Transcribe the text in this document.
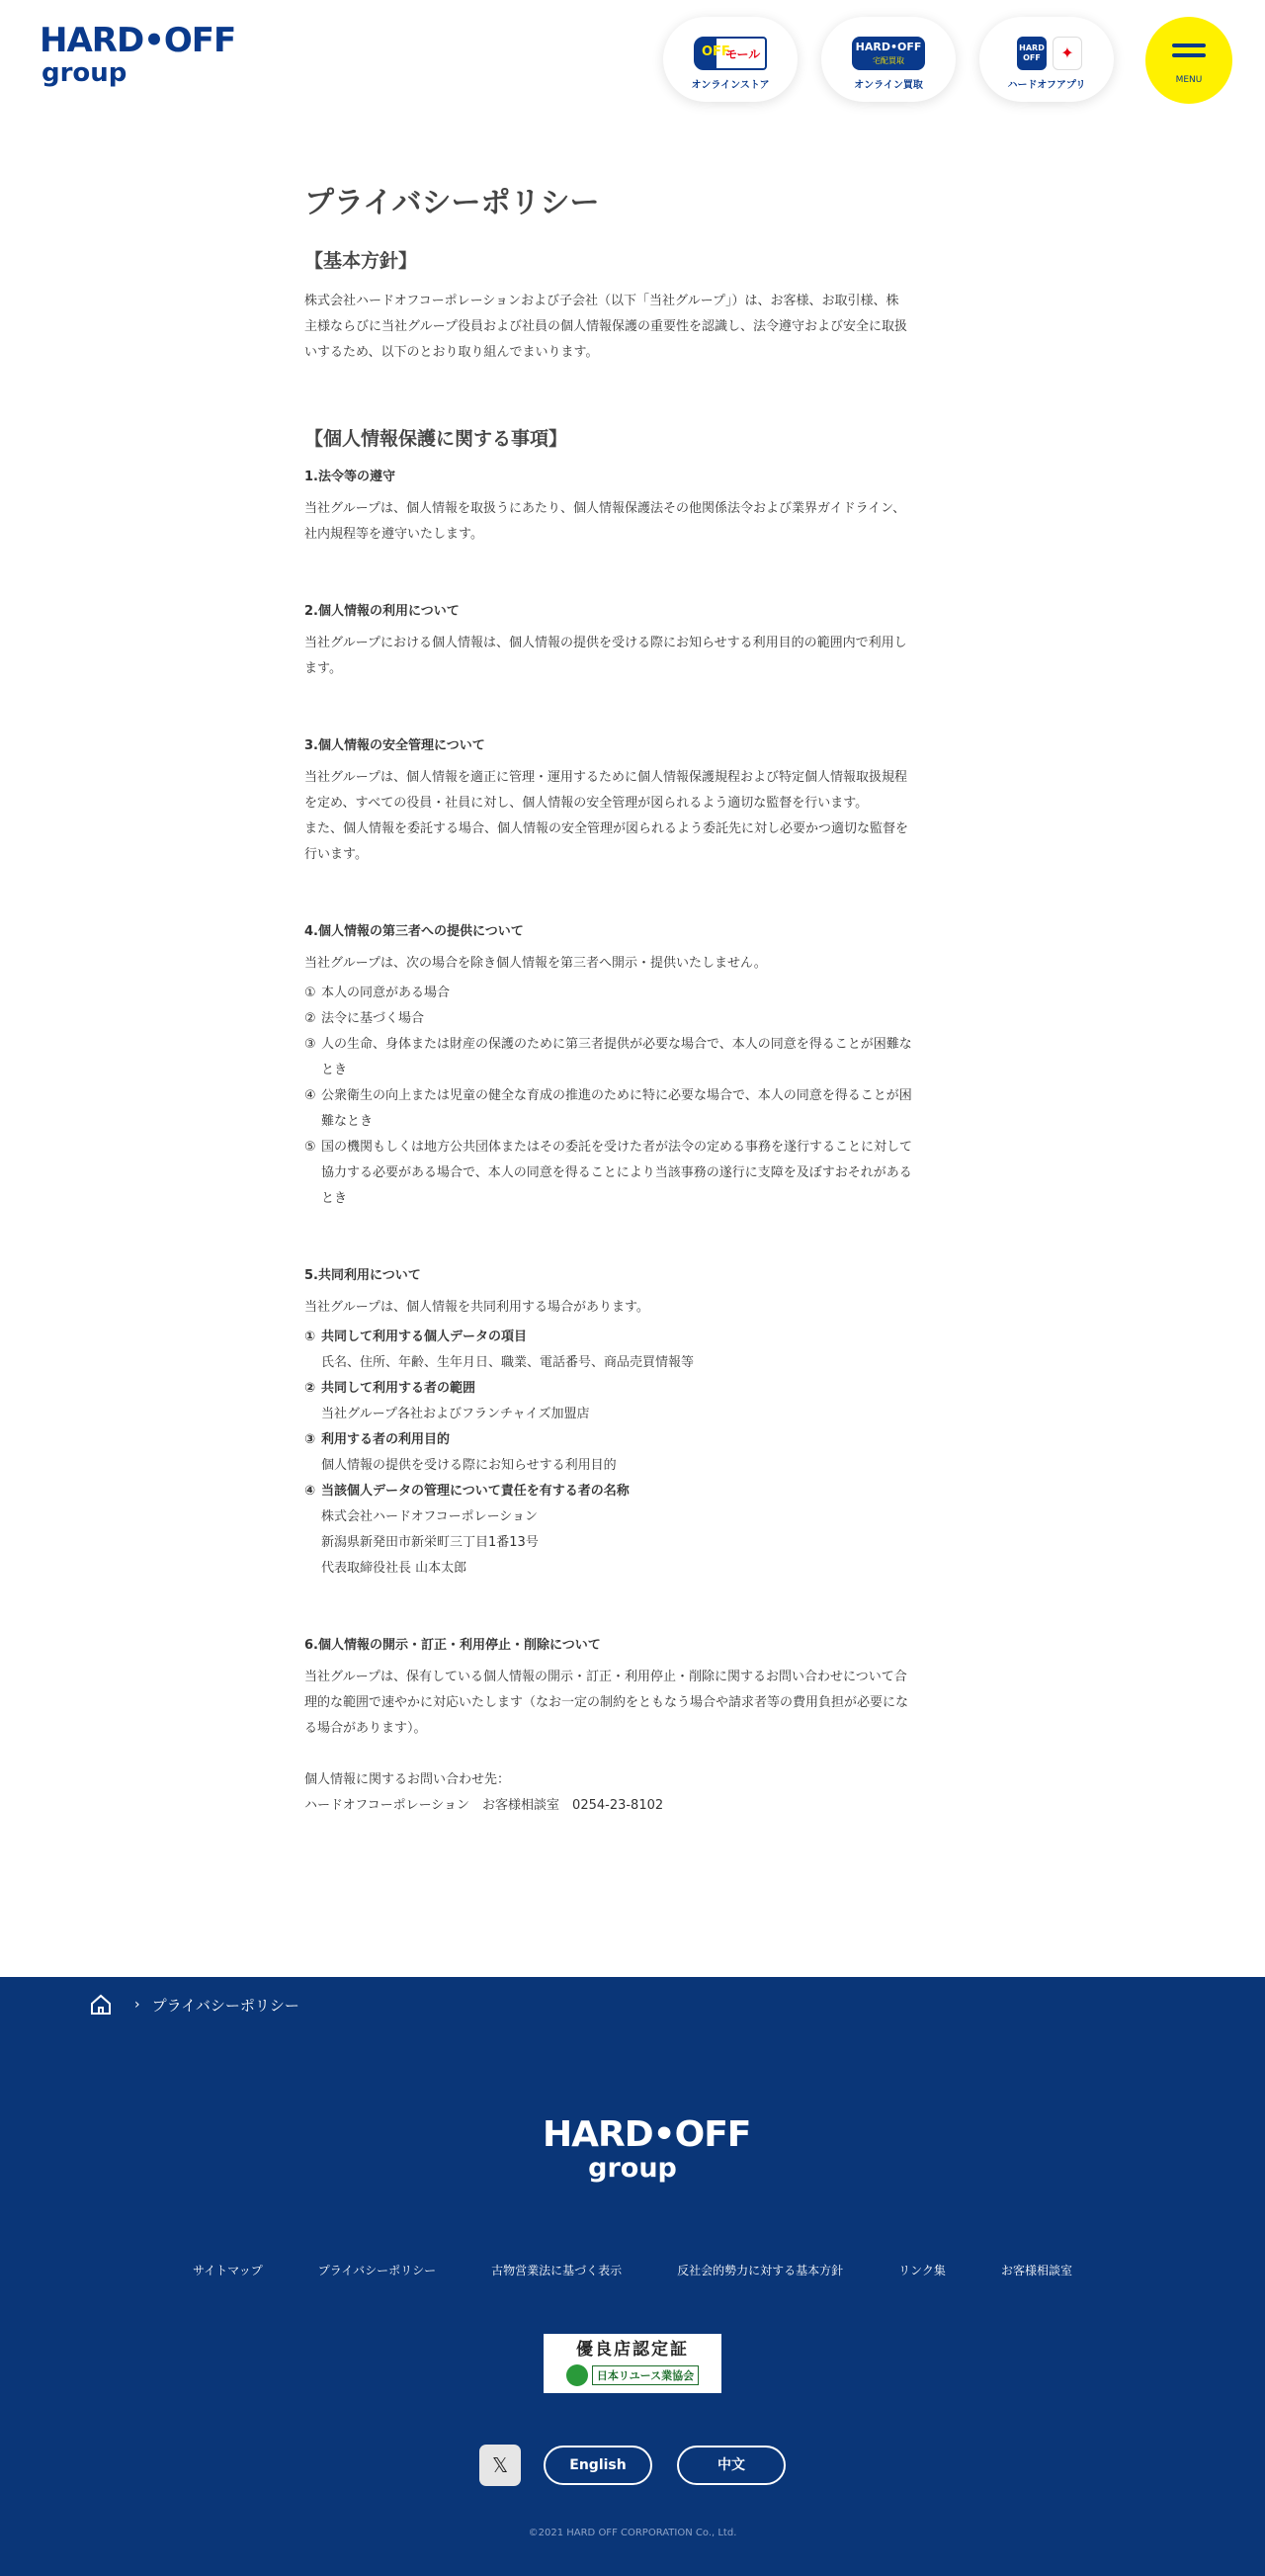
HARD•OFF
group
OFF
モール
オンラインストア
HARD•OFF
宅配買取
オンライン買取
HARD OFF	✦
ハードオフアプリ	MENU
プライバシーポリシー
【基本方針】
株式会社ハードオフコーポレーションおよび子会社（以下「当社グループ」）は、お客様、お取引様、株
主様ならびに当社グループ役員および社員の個人情報保護の重要性を認識し、法令遵守および安全に取扱
いするため、以下のとおり取り組んでまいります。
【個人情報保護に関する事項】
1.法令等の遵守
当社グループは、個人情報を取扱うにあたり、個人情報保護法その他関係法令および業界ガイドライン、
社内規程等を遵守いたします。
2.個人情報の利用について
当社グループにおける個人情報は、個人情報の提供を受ける際にお知らせする利用目的の範囲内で利用し
ます。
3.個人情報の安全管理について
当社グループは、個人情報を適正に管理・運用するために個人情報保護規程および特定個人情報取扱規程
を定め、すべての役員・社員に対し、個人情報の安全管理が図られるよう適切な監督を行います。
また、個人情報を委託する場合、個人情報の安全管理が図られるよう委託先に対し必要かつ適切な監督を
行います。
4.個人情報の第三者への提供について
当社グループは、次の場合を除き個人情報を第三者へ開示・提供いたしません。
① 本人の同意がある場合
② 法令に基づく場合
③ 人の生命、身体または財産の保護のために第三者提供が必要な場合で、本人の同意を得ることが困難な
とき
④ 公衆衛生の向上または児童の健全な育成の推進のために特に必要な場合で、本人の同意を得ることが困
難なとき
⑤ 国の機関もしくは地方公共団体またはその委託を受けた者が法令の定める事務を遂行することに対して
協力する必要がある場合で、本人の同意を得ることにより当該事務の遂行に支障を及ぼすおそれがある
とき
5.共同利用について
当社グループは、個人情報を共同利用する場合があります。
① 共同して利用する個人データの項目
氏名、住所、年齢、生年月日、職業、電話番号、商品売買情報等
② 共同して利用する者の範囲
当社グループ各社およびフランチャイズ加盟店
③ 利用する者の利用目的
個人情報の提供を受ける際にお知らせする利用目的
④ 当該個人データの管理について責任を有する者の名称
株式会社ハードオフコーポレーション
新潟県新発田市新栄町三丁目1番13号
代表取締役社長 山本太郎
6.個人情報の開示・訂正・利用停止・削除について
当社グループは、保有している個人情報の開示・訂正・利用停止・削除に関するお問い合わせについて合
理的な範囲で速やかに対応いたします（なお一定の制約をともなう場合や請求者等の費用負担が必要にな
る場合があります）。
個人情報に関するお問い合わせ先：
ハードオフコーポレーション　お客様相談室　0254-23-8102
› プライバシーポリシー
HARD•OFF
group
サイトマップ	プライバシーポリシー	古物営業法に基づく表示	反社会的勢力に対する基本方針	リンク集	お客様相談室
優良店認定証
日本リユース業協会
𝕏	English	中文
©2021 HARD OFF CORPORATION Co., Ltd.
